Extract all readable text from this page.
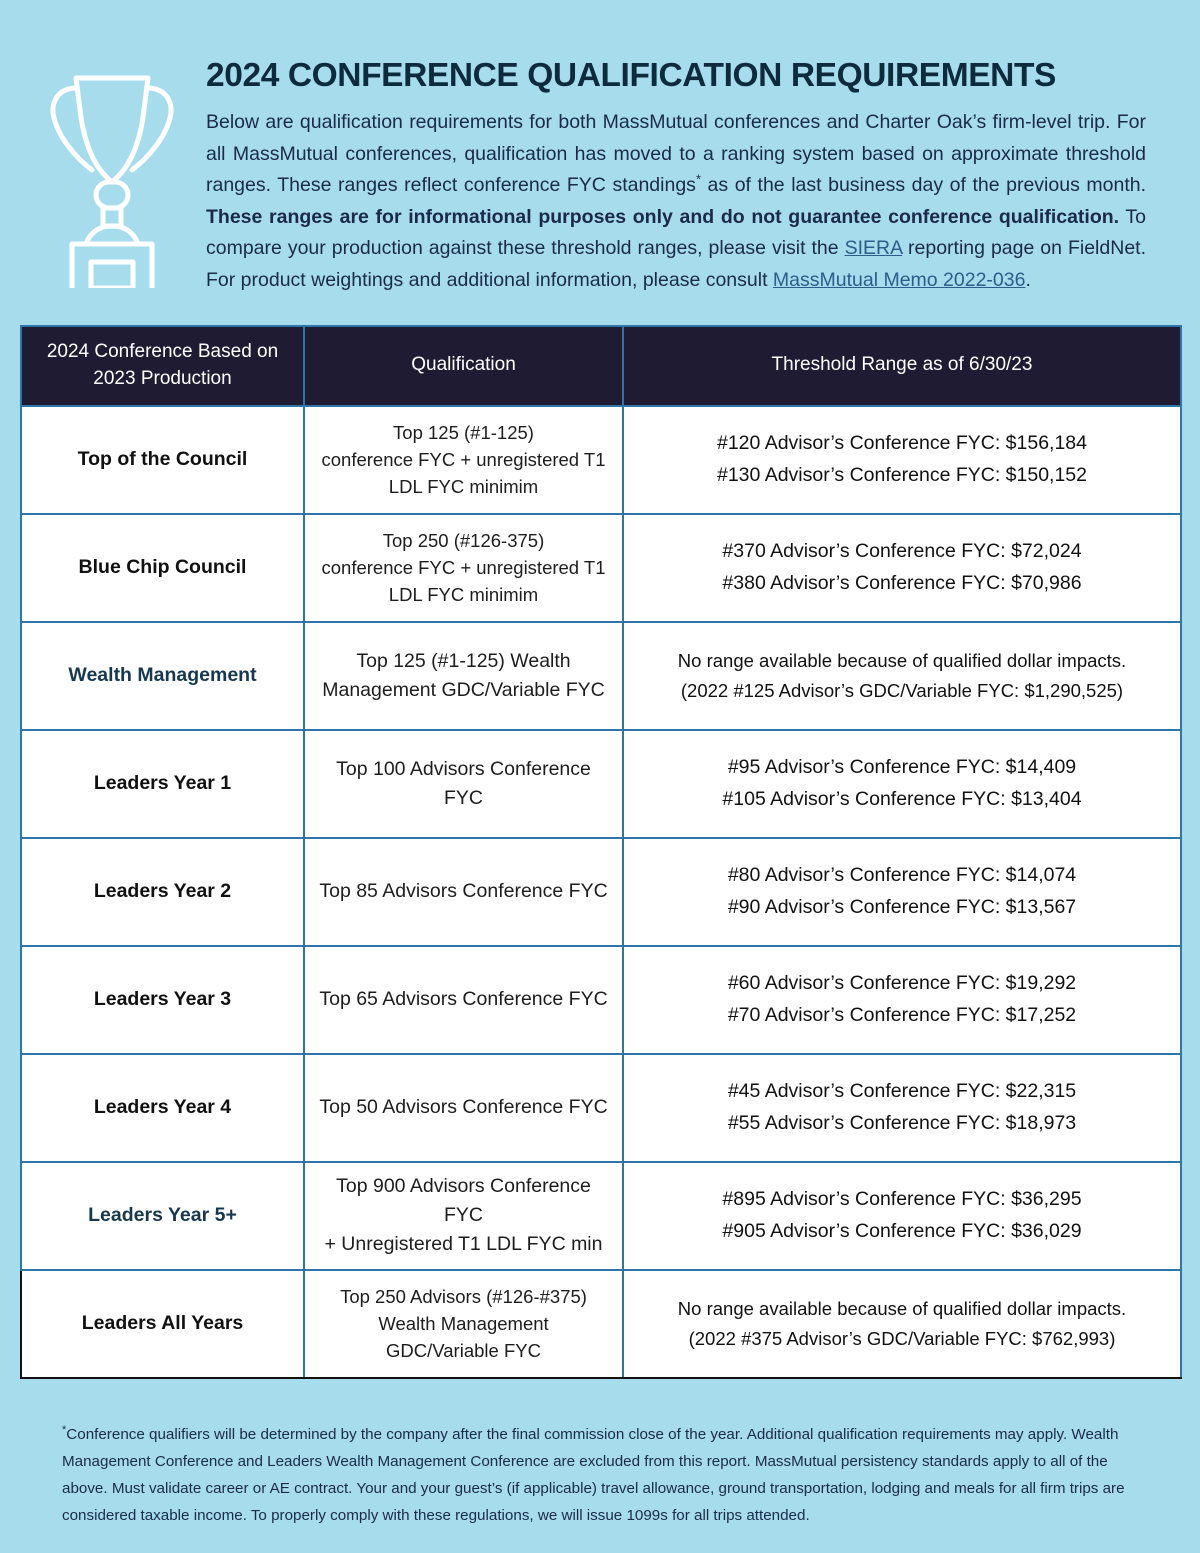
2024 CONFERENCE QUALIFICATION REQUIREMENTS

Below are qualification requirements for both MassMutual conferences and Charter Oak’s firm-level trip. For all MassMutual conferences, qualification has moved to a ranking system based on approximate threshold ranges. These ranges reflect conference FYC standings* as of the last business day of the previous month. These ranges are for informational purposes only and do not guarantee conference qualification. To compare your production against these threshold ranges, please visit the SIERA reporting page on FieldNet. For product weightings and additional information, please consult MassMutual Memo 2022-036.

2024 Conference Based on
2023 Production	Qualification	Threshold Range as of 6/30/23
Top of the Council	Top 125 (#1-125)
conference FYC + unregistered T1
LDL FYC minimim	#120 Advisor’s Conference FYC: $156,184
#130 Advisor’s Conference FYC: $150,152

Blue Chip Council	Top 250 (#126-375)
conference FYC + unregistered T1
LDL FYC minimim	#370 Advisor’s Conference FYC: $72,024
#380 Advisor’s Conference FYC: $70,986

Wealth Management	Top 125 (#1-125) Wealth
Management GDC/Variable FYC	No range available because of qualified dollar impacts.
(2022 #125 Advisor’s GDC/Variable FYC: $1,290,525)

Leaders Year 1	Top 100 Advisors Conference FYC	#95 Advisor’s Conference FYC: $14,409
#105 Advisor’s Conference FYC: $13,404

Leaders Year 2	Top 85 Advisors Conference FYC	#80 Advisor’s Conference FYC: $14,074
#90 Advisor’s Conference FYC: $13,567

Leaders Year 3	Top 65 Advisors Conference FYC	#60 Advisor’s Conference FYC: $19,292
#70 Advisor’s Conference FYC: $17,252

Leaders Year 4	Top 50 Advisors Conference FYC	#45 Advisor’s Conference FYC: $22,315
#55 Advisor’s Conference FYC: $18,973

Leaders Year 5+	Top 900 Advisors Conference FYC
+ Unregistered T1 LDL FYC min	#895 Advisor’s Conference FYC: $36,295
#905 Advisor’s Conference FYC: $36,029

Leaders All Years	Top 250 Advisors (#126-#375)
Wealth Management
GDC/Variable FYC	No range available because of qualified dollar impacts.
(2022 #375 Advisor’s GDC/Variable FYC: $762,993)

*Conference qualifiers will be determined by the company after the final commission close of the year. Additional qualification requirements may apply. Wealth Management Conference and Leaders Wealth Management Conference are excluded from this report. MassMutual persistency standards apply to all of the above. Must validate career or AE contract. Your and your guest’s (if applicable) travel allowance, ground transportation, lodging and meals for all firm trips are considered taxable income. To properly comply with these regulations, we will issue 1099s for all trips attended.
